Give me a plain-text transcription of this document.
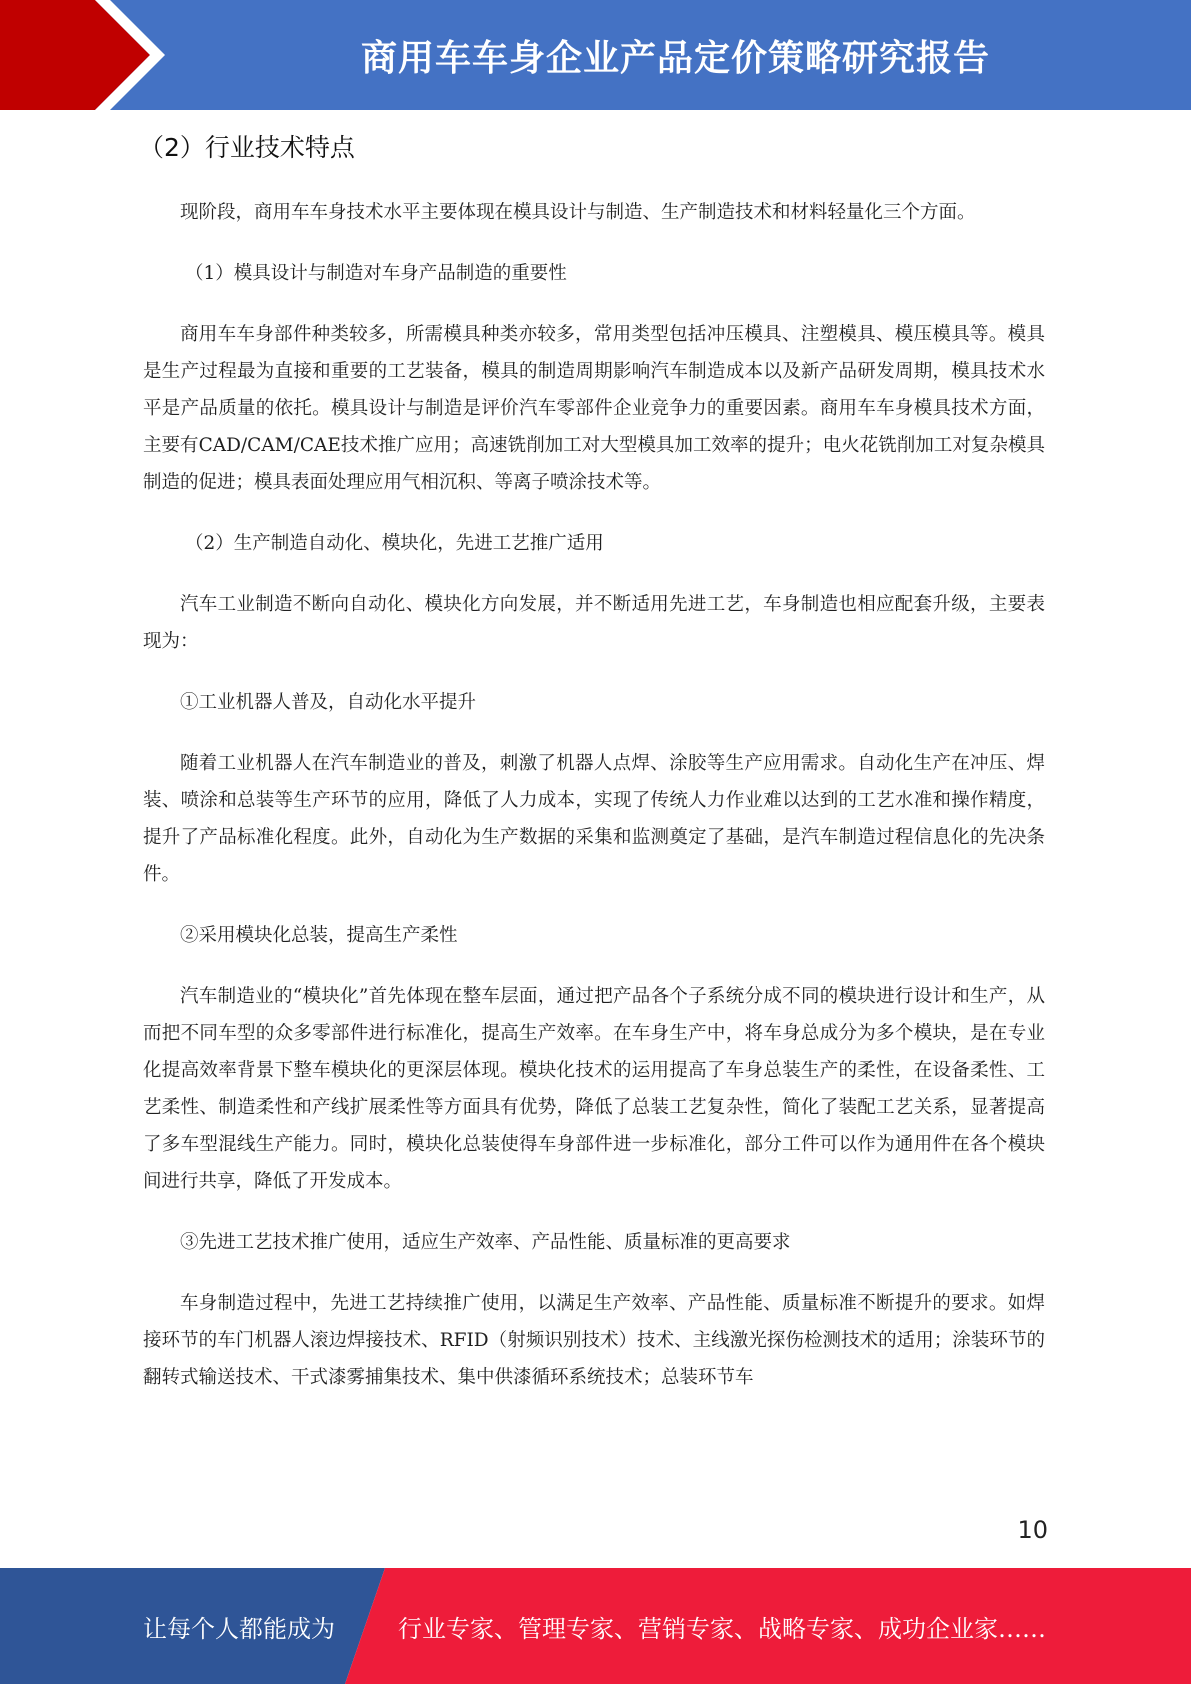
商用车车身企业产品定价策略研究报告
（2）行业技术特点

现阶段，商用车车身技术水平主要体现在模具设计与制造、生产制造技术和材料轻量化三个方面。

（1）模具设计与制造对车身产品制造的重要性

商用车车身部件种类较多，所需模具种类亦较多，常用类型包括冲压模具、注塑模具、模压模具等。模具是生产过程最为直接和重要的工艺装备，模具的制造周期影响汽车制造成本以及新产品研发周期，模具技术水平是产品质量的依托。模具设计与制造是评价汽车零部件企业竞争力的重要因素。商用车车身模具技术方面，主要有CAD/CAM/CAE技术推广应用；高速铣削加工对大型模具加工效率的提升；电火花铣削加工对复杂模具制造的促进；模具表面处理应用气相沉积、等离子喷涂技术等。

（2）生产制造自动化、模块化，先进工艺推广适用

汽车工业制造不断向自动化、模块化方向发展，并不断适用先进工艺，车身制造也相应配套升级，主要表现为：

①工业机器人普及，自动化水平提升

随着工业机器人在汽车制造业的普及，刺激了机器人点焊、涂胶等生产应用需求。自动化生产在冲压、焊装、喷涂和总装等生产环节的应用，降低了人力成本，实现了传统人力作业难以达到的工艺水准和操作精度，提升了产品标准化程度。此外，自动化为生产数据的采集和监测奠定了基础，是汽车制造过程信息化的先决条件。

②采用模块化总装，提高生产柔性

汽车制造业的“模块化”首先体现在整车层面，通过把产品各个子系统分成不同的模块进行设计和生产，从而把不同车型的众多零部件进行标准化，提高生产效率。在车身生产中，将车身总成分为多个模块，是在专业化提高效率背景下整车模块化的更深层体现。模块化技术的运用提高了车身总装生产的柔性，在设备柔性、工艺柔性、制造柔性和产线扩展柔性等方面具有优势，降低了总装工艺复杂性，简化了装配工艺关系，显著提高了多车型混线生产能力。同时，模块化总装使得车身部件进一步标准化，部分工件可以作为通用件在各个模块间进行共享，降低了开发成本。

③先进工艺技术推广使用，适应生产效率、产品性能、质量标准的更高要求

车身制造过程中，先进工艺持续推广使用，以满足生产效率、产品性能、质量标准不断提升的要求。如焊接环节的车门机器人滚边焊接技术、RFID（射频识别技术）技术、主线激光探伤检测技术的适用；涂装环节的翻转式输送技术、干式漆雾捕集技术、集中供漆循环系统技术；总装环节车

10
让每个人都能成为	行业专家、管理专家、营销专家、战略专家、成功企业家……
